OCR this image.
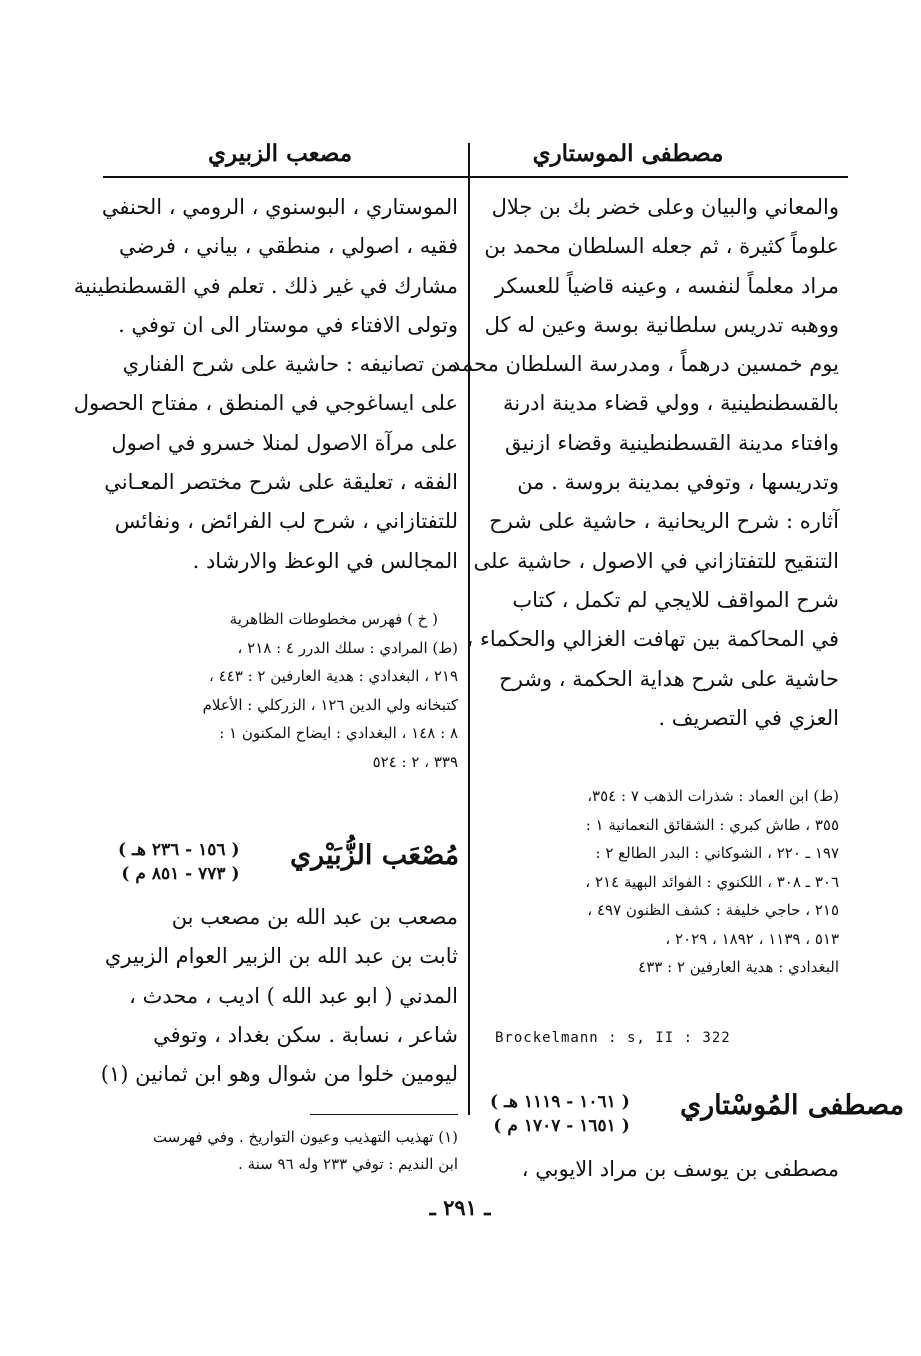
مصطفى الموستاري
مصعب الزبيري
والمعاني والبيان وعلى خضر بك بن جلال
علوماً كثيرة ، ثم جعله السلطان محمد بن
مراد معلماً لنفسه ، وعينه قاضياً للعسكر
ووهبه تدريس سلطانية بوسة وعين له كل
يوم خمسين درهماً ، ومدرسة السلطان محمد
بالقسطنطينية ، وولي قضاء مدينة ادرنة
وافتاء مدينة القسطنطينية وقضاء ازنيق
وتدريسها ، وتوفي بمدينة بروسة . من
آثاره : شرح الريحانية ، حاشية على شرح
التنقيح للتفتازاني في الاصول ، حاشية على
شرح المواقف للايجي لم تكمل ، كتاب
في المحاكمة بين تهافت الغزالي والحكماء ،
حاشية على شرح هداية الحكمة ، وشرح
العزي في التصريف .
(ط) ابن العماد : شذرات الذهب ٧ : ٣٥٤،
٣٥٥ ، طاش كبري : الشقائق النعمانية ١ :
١٩٧ ـ ٢٢٠ ، الشوكاني : البدر الطالع ٢ :
٣٠٦ ـ ٣٠٨ ، اللكنوي : الفوائد البهية ٢١٤ ،
٢١٥ ، حاجي خليفة : كشف الظنون ٤٩٧ ،
٥١٣ ، ١١٣٩ ، ١٨٩٢ ، ٢٠٢٩ ،
البغدادي : هدية العارفين ٢ : ٤٣٣
Brockelmann : s, II : 322
مصطفى المُوسْتاري
( ١٠٦١ - ١١١٩ هـ )
( ١٦٥١ - ١٧٠٧ م )
مصطفى بن يوسف بن مراد الايوبي ،
الموستاري ، البوسنوي ، الرومي ، الحنفي
فقيه ، اصولي ، منطقي ، بياني ، فرضي
مشارك في غير ذلك . تعلم في القسطنطينية
وتولى الافتاء في موستار الى ان توفي .
من تصانيفه : حاشية على شرح الفناري
على ايساغوجي في المنطق ، مفتاح الحصول
على مرآة الاصول لمنلا خسرو في اصول
الفقه ، تعليقة على شرح مختصر المعـاني
للتفتازاني ، شرح لب الفرائض ، ونفائس
المجالس في الوعظ والارشاد .
( خ ) فهرس مخطوطات الظاهرية
(ط) المرادي : سلك الدرر ٤ : ٢١٨ ،
٢١٩ ، البغدادي : هدية العارفين ٢ : ٤٤٣ ،
كتبخانه ولي الدين ١٢٦ ، الزركلي : الأعلام
٨ : ١٤٨ ، البغدادي : ايضاح المكنون ١ :
٣٣٩ ، ٢ : ٥٢٤
مُصْعَب الزُّبَيْري
( ١٥٦ - ٢٣٦ هـ )
( ٧٧٣ - ٨٥١ م )
مصعب بن عبد الله بن مصعب بن
ثابت بن عبد الله بن الزبير العوام الزبيري
المدني ( ابو عبد الله ) اديب ، محدث ،
شاعر ، نسابة . سكن بغداد ، وتوفي
ليومين خلوا من شوال وهو ابن ثمانين (١)
(١) تهذيب التهذيب وعيون التواريخ . وفي فهرست
ابن النديم : توفي ٢٣٣ وله ٩٦ سنة .
ـ ٢٩١ ـ
